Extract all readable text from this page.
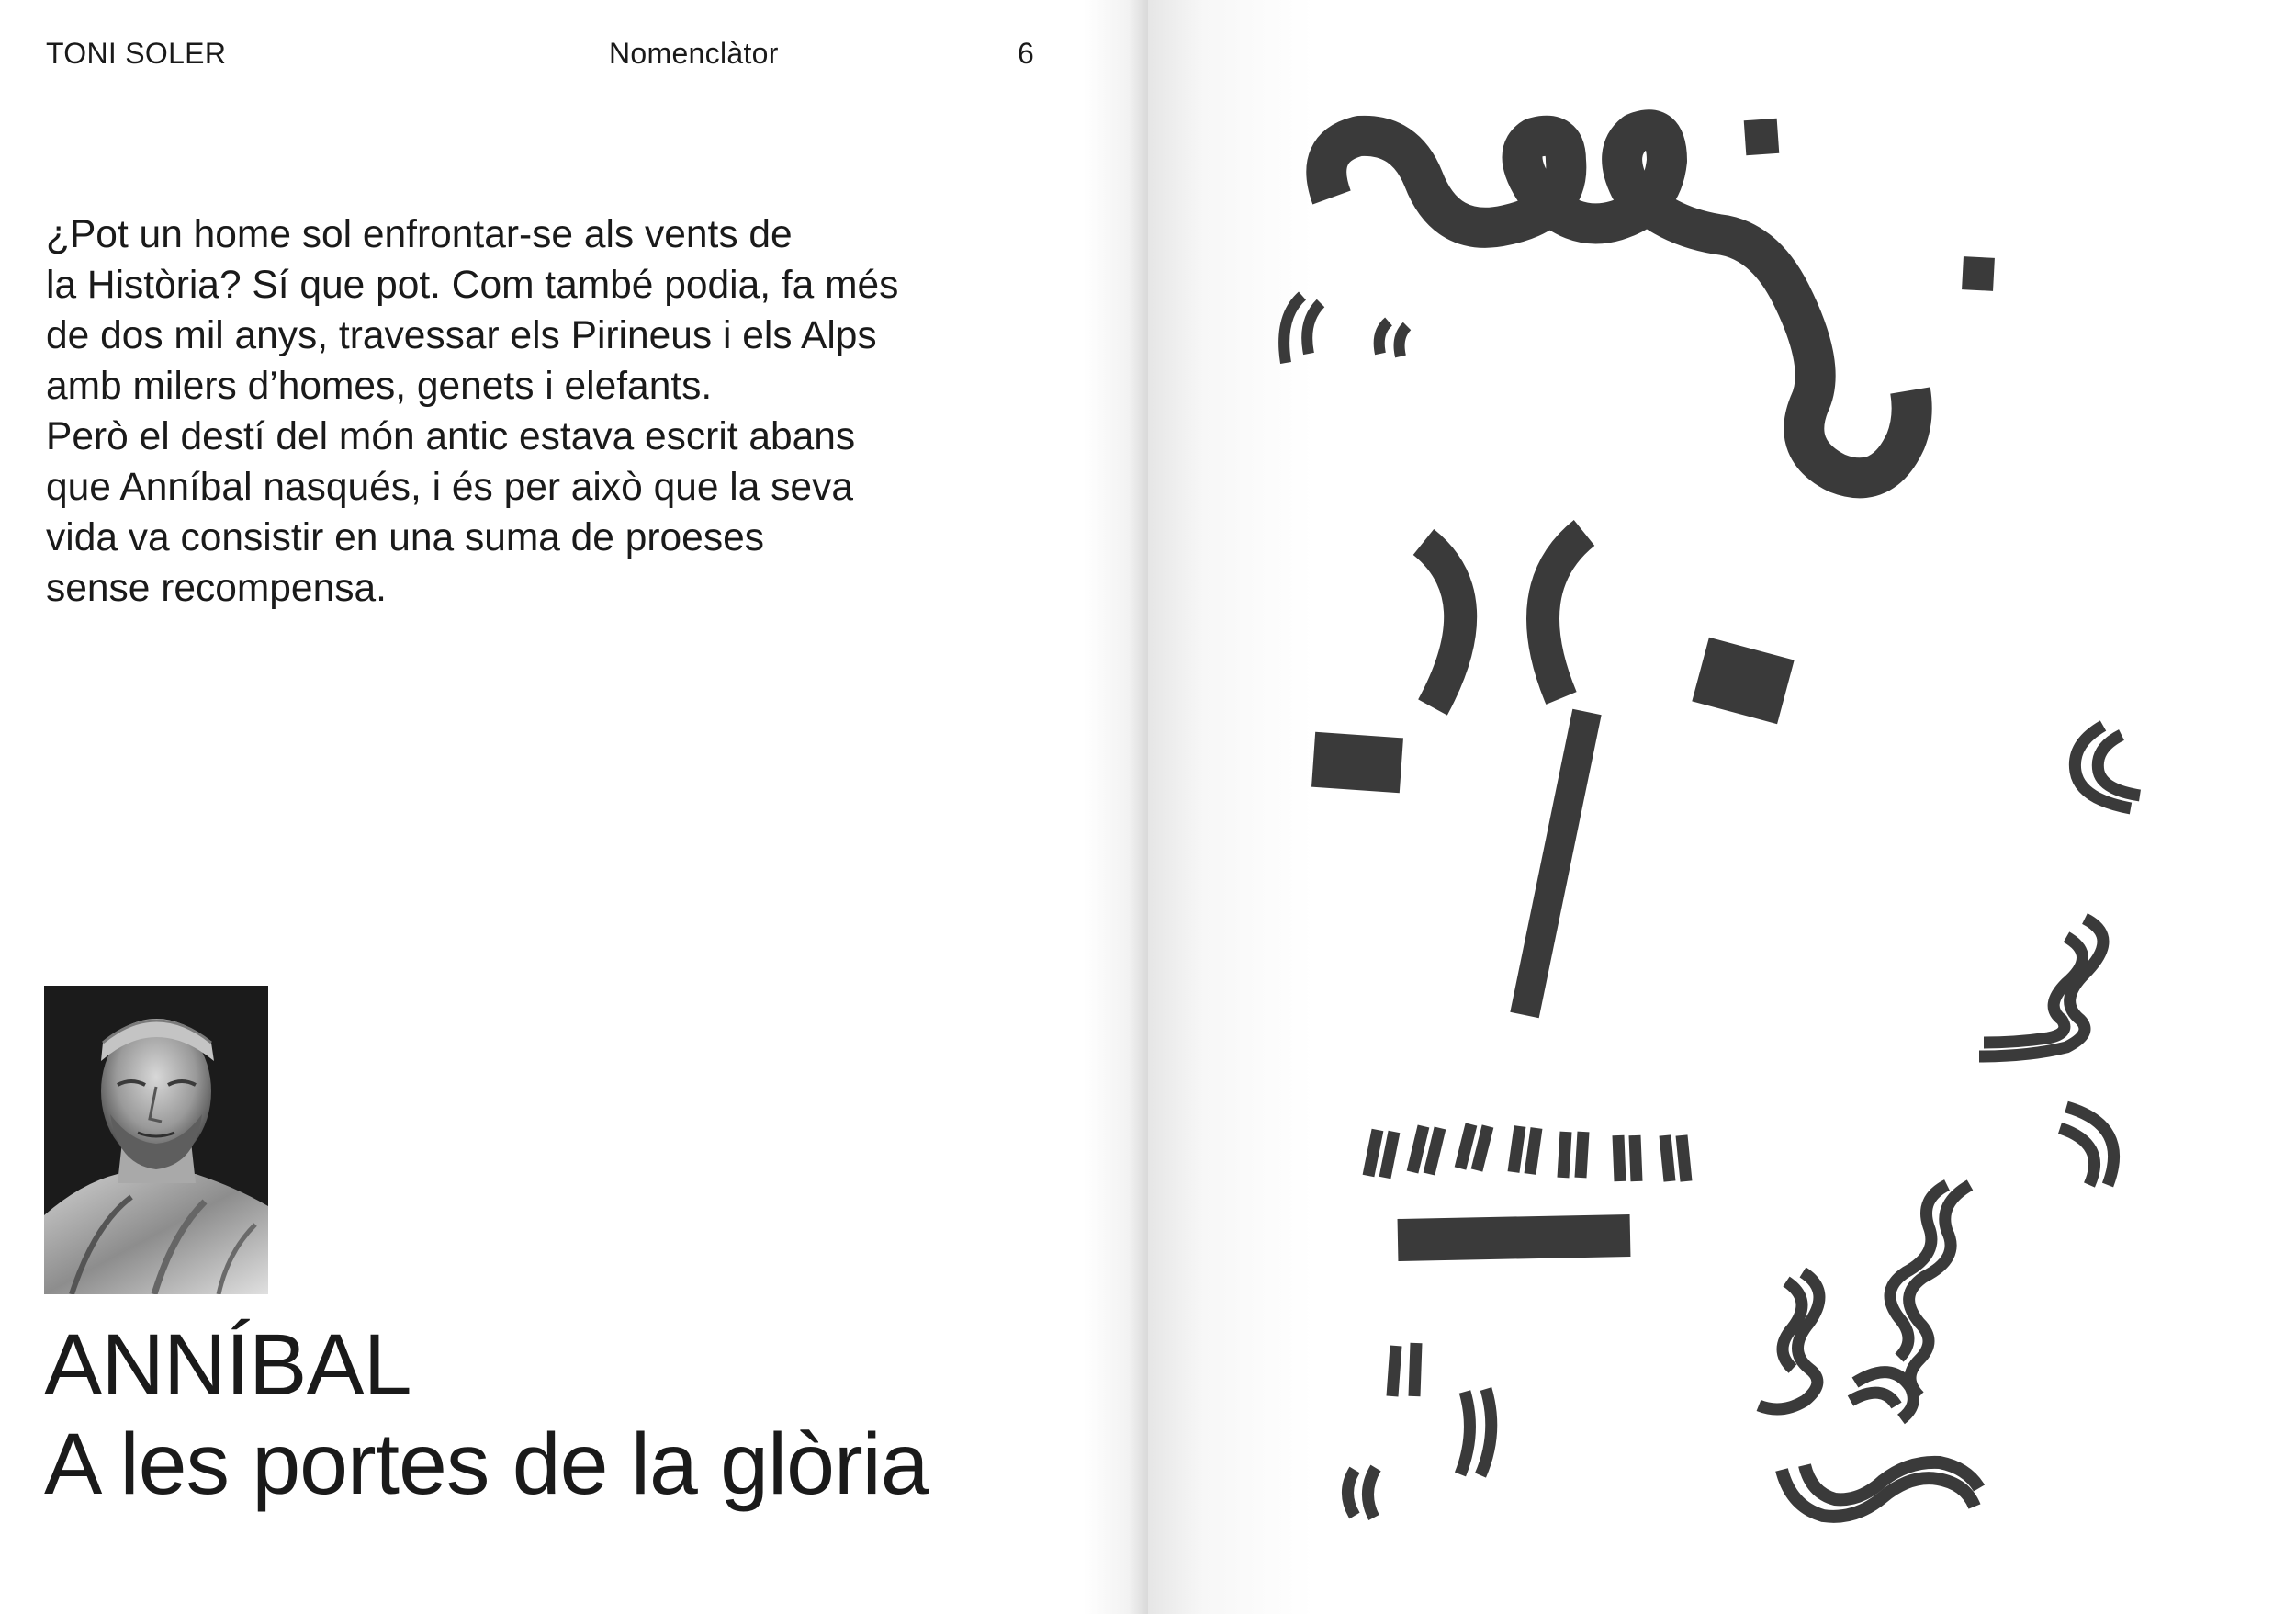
TONI SOLER	Nomenclàtor	6
¿Pot un home sol enfrontar-se als vents de
la Història? Sí que pot. Com també podia, fa més
de dos mil anys, travessar els Pirineus i els Alps
amb milers d’homes, genets i elefants.
Però el destí del món antic estava escrit abans
que Anníbal nasqués, i és per això que la seva
vida va consistir en una suma de proeses
sense recompensa.
ANNÍBAL
A les portes de la glòria
